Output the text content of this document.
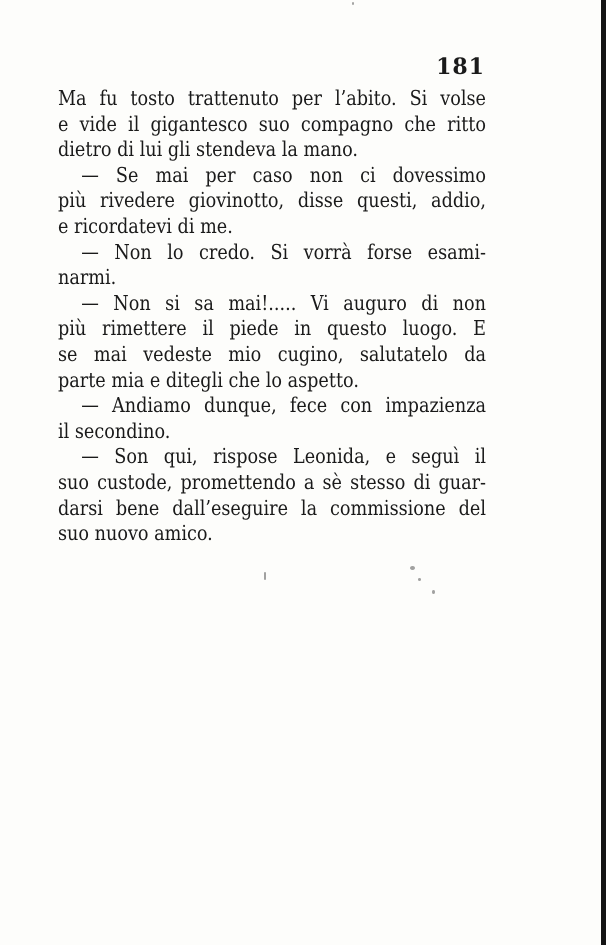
181

Ma fu tosto trattenuto per l’abito. Si volse
e vide il gigantesco suo compagno che ritto
dietro di lui gli stendeva la mano.
— Se mai per caso non ci dovessimo
più rivedere giovinotto, disse questi, addio,
e ricordatevi di me.
— Non lo credo. Si vorrà forse esami-
narmi.
— Non si sa mai!..... Vi auguro di non
più rimettere il piede in questo luogo. E
se mai vedeste mio cugino, salutatelo da
parte mia e ditegli che lo aspetto.
— Andiamo dunque, fece con impazienza
il secondino.
— Son qui, rispose Leonida, e seguì il
suo custode, promettendo a sè stesso di guar-
darsi bene dall’eseguire la commissione del
suo nuovo amico.
